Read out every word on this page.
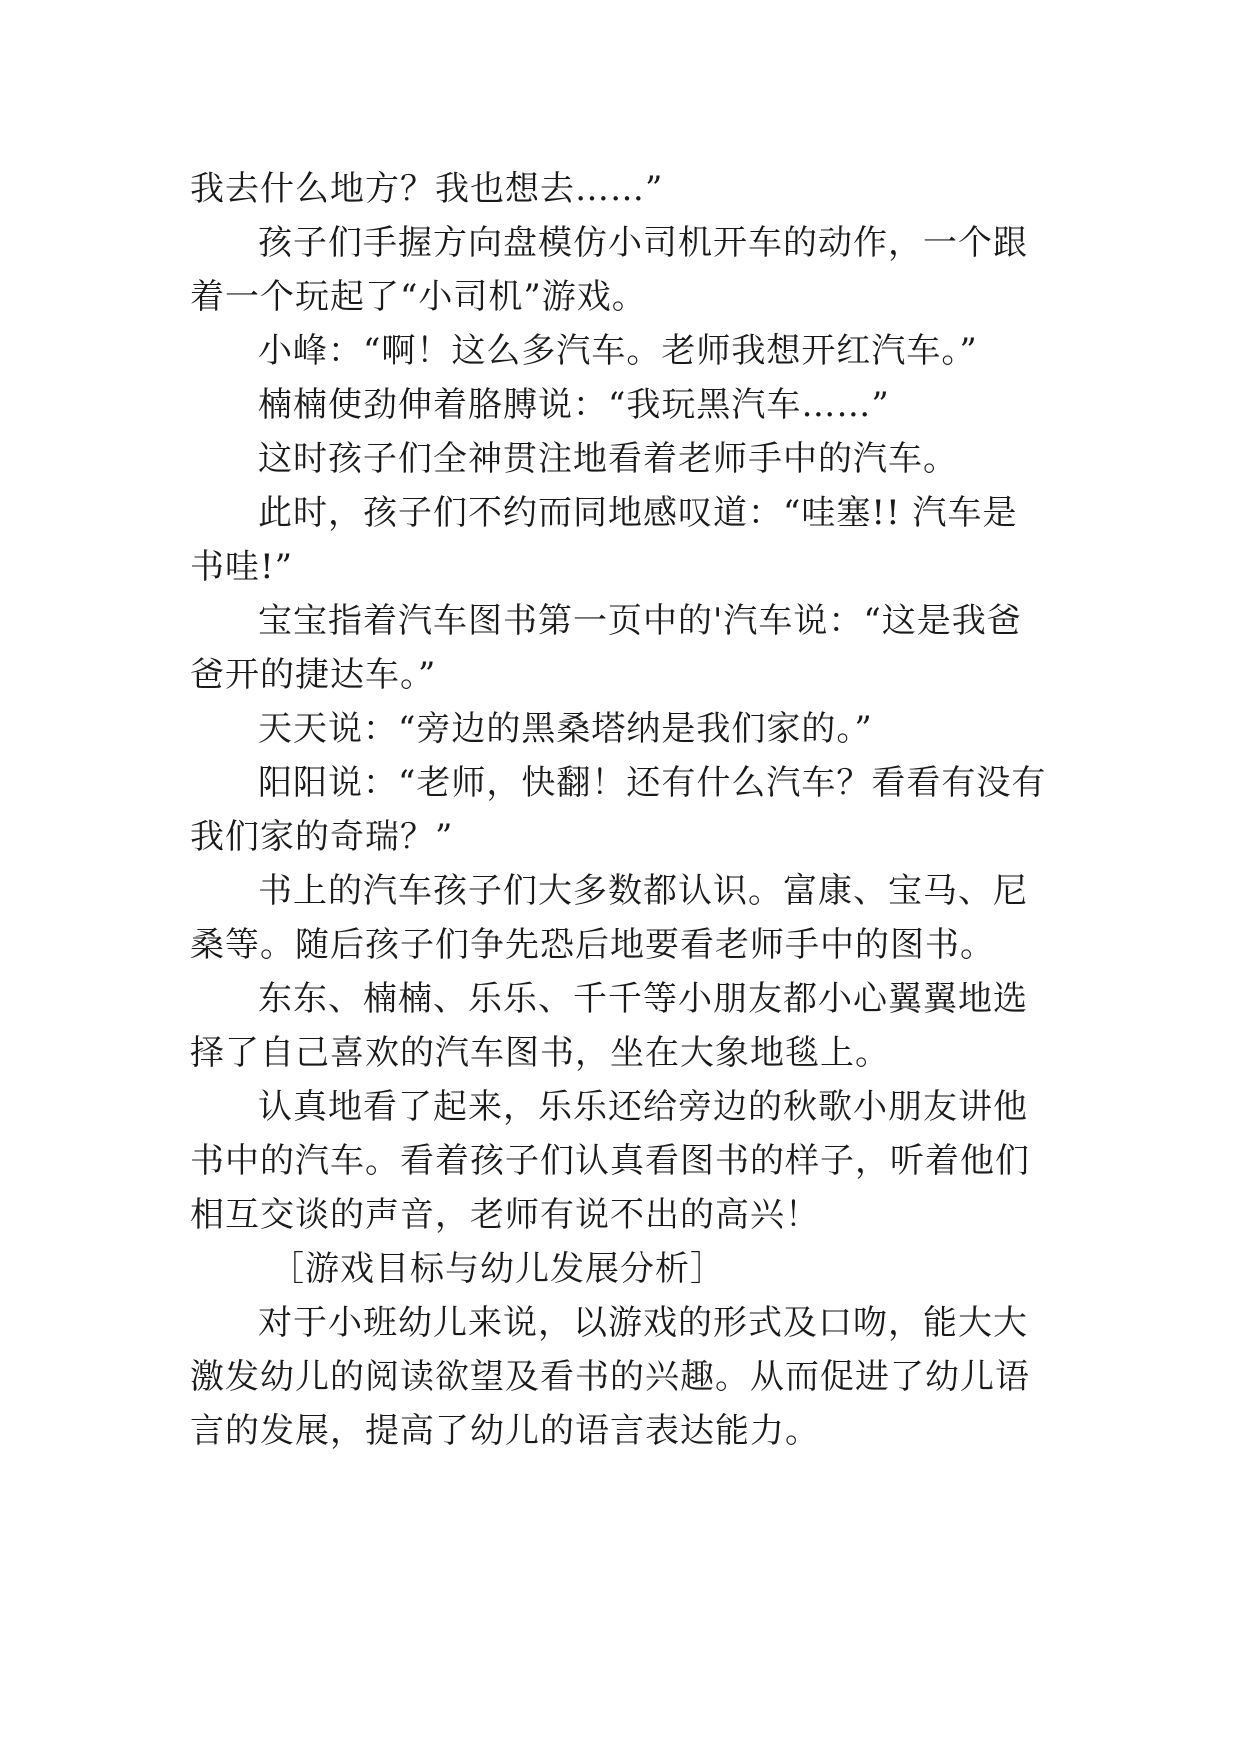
我去什么地方？我也想去……”

孩子们手握方向盘模仿小司机开车的动作，一个跟着一个玩起了“小司机”游戏。

小峰：“啊！这么多汽车。老师我想开红汽车。”

楠楠使劲伸着胳膊说：“我玩黑汽车……”

这时孩子们全神贯注地看着老师手中的汽车。

此时，孩子们不约而同地感叹道：“哇塞!! 汽车是书哇!”

宝宝指着汽车图书第一页中的'汽车说：“这是我爸爸开的捷达车。”

天天说：“旁边的黑桑塔纳是我们家的。”

阳阳说：“老师，快翻！还有什么汽车？看看有没有我们家的奇瑞？”

书上的汽车孩子们大多数都认识。富康、宝马、尼桑等。随后孩子们争先恐后地要看老师手中的图书。

东东、楠楠、乐乐、千千等小朋友都小心翼翼地选择了自己喜欢的汽车图书，坐在大象地毯上。

认真地看了起来，乐乐还给旁边的秋歌小朋友讲他书中的汽车。看着孩子们认真看图书的样子，听着他们相互交谈的声音，老师有说不出的高兴！

［游戏目标与幼儿发展分析］

对于小班幼儿来说，以游戏的形式及口吻，能大大激发幼儿的阅读欲望及看书的兴趣。从而促进了幼儿语言的发展，提高了幼儿的语言表达能力。
